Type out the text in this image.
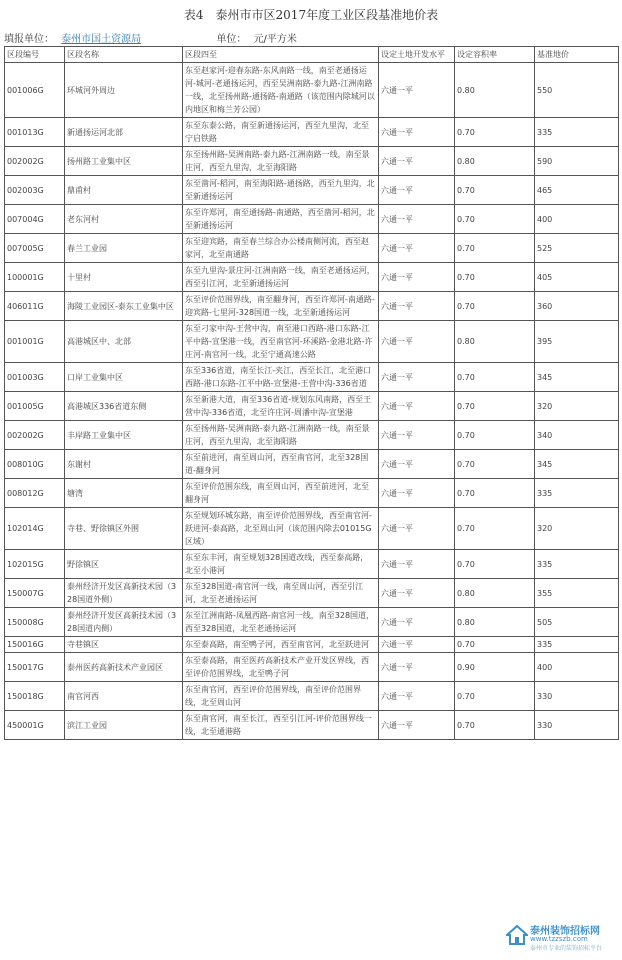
表4　泰州市市区2017年度工业区段基准地价表
填报单位： 泰州市国土资源局	单位： 元/平方米
区段编号	区段名称	区段四至	设定土地开发水平	设定容积率	基准地价
001006G	环城河外周边	东至赵家河-迎春东路-东风南路一线，南至老通扬运河-城河-老通扬运河，西至吴洲南路-泰九路-江洲南路一线，北至扬州路-通扬路-南通路（该范围内除城河以内地区和梅兰芳公园）	六通一平	0.80	550
001013G	新通扬运河北部	东至东泰公路，南至新通扬运河，西至九里沟，北至宁启铁路	六通一平	0.70	335
002002G	扬州路工业集中区	东至扬州路-吴洲南路-泰九路-江洲南路一线，南至景庄河，西至九里沟，北至海阳路	六通一平	0.80	590
002003G	鼎甫村	东至凿河-稻河，南至海阳路-通扬路，西至九里沟，北至新通扬运河	六通一平	0.70	465
007004G	老东河村	东至许郑河，南至通扬路-南通路，西至凿河-稻河，北至新通扬运河	六通一平	0.70	400
007005G	春兰工业园	东至迎宾路，南至春兰综合办公楼南侧河流，西至赵家河，北至南通路	六通一平	0.70	525
100001G	十里村	东至九里沟-景庄河-江洲南路一线，南至老通扬运河，西至引江河，北至新通扬运河	六通一平	0.70	405
406011G	海陵工业园区-泰东工业集中区	东至评价范围界线，南至翻身河，西至许郑河-南通路-迎宾路-七里河-328国道一线，北至新通扬运河	六通一平	0.70	360
001001G	高港城区中、北部	东至刁家中沟-王营中沟，南至港口西路-港口东路-江平中路-宣堡港一线，西至南官河-环溪路-金港北路-许庄河-南官河一线，北至宁通高速公路	六通一平	0.80	395
001003G	口岸工业集中区	东至336省道，南至长江-夹江，西至长江，北至港口西路-港口东路-江平中路-宣堡港-王营中沟-336省道	六通一平	0.70	345
001005G	高港城区336省道东侧	东至新港大道，南至336省道-规划东风南路，西至王营中沟-336省道，北至许庄河-周潘中沟-宣堡港	六通一平	0.70	320
002002G	丰岸路工业集中区	东至扬州路-吴洲南路-泰九路-江洲南路一线，南至景庄河，西至九里沟，北至海阳路	六通一平	0.70	340
008010G	东谢村	东至前进河，南至周山河，西至南官河，北至328国道-翻身河	六通一平	0.70	345
008012G	塘湾	东至评价范围东线，南至周山河，西至前进河，北至翻身河	六通一平	0.70	335
102014G	寺巷、野徐镇区外围	东至规划环城东路，南至评价范围界线，西至南官河-跃进河-泰高路，北至周山河（该范围内除去01015G区域）	六通一平	0.70	320
102015G	野徐镇区	东至东丰河，南至规划328国道改线，西至泰高路，北至小港河	六通一平	0.70	335
150007G	泰州经济开发区高新技术园（328国道外侧）	东至328国道-南官河一线，南至周山河，西至引江河，北至老通扬运河	六通一平	0.80	355
150008G	泰州经济开发区高新技术园（328国道内侧）	东至江洲南路-凤凰西路-南官河一线，南至328国道，西至328国道，北至老通扬运河	六通一平	0.80	505
150016G	寺巷镇区	东至泰高路，南至鸭子河，西至南官河，北至跃进河	六通一平	0.70	335
150017G	泰州医药高新技术产业园区	东至泰高路，南至医药高新技术产业开发区界线，西至评价范围界线，北至鸭子河	六通一平	0.90	400
150018G	南官河西	东至南官河，西至评价范围界线，南至评价范围界线，北至周山河	六通一平	0.70	330
450001G	滨江工业园	东至南官河，南至长江，西至引江河-评价范围界线一线，北至通港路	六通一平	0.70	330
泰州装饰招标网
www.tzzszb.com
泰州市专业的装饰招标平台
